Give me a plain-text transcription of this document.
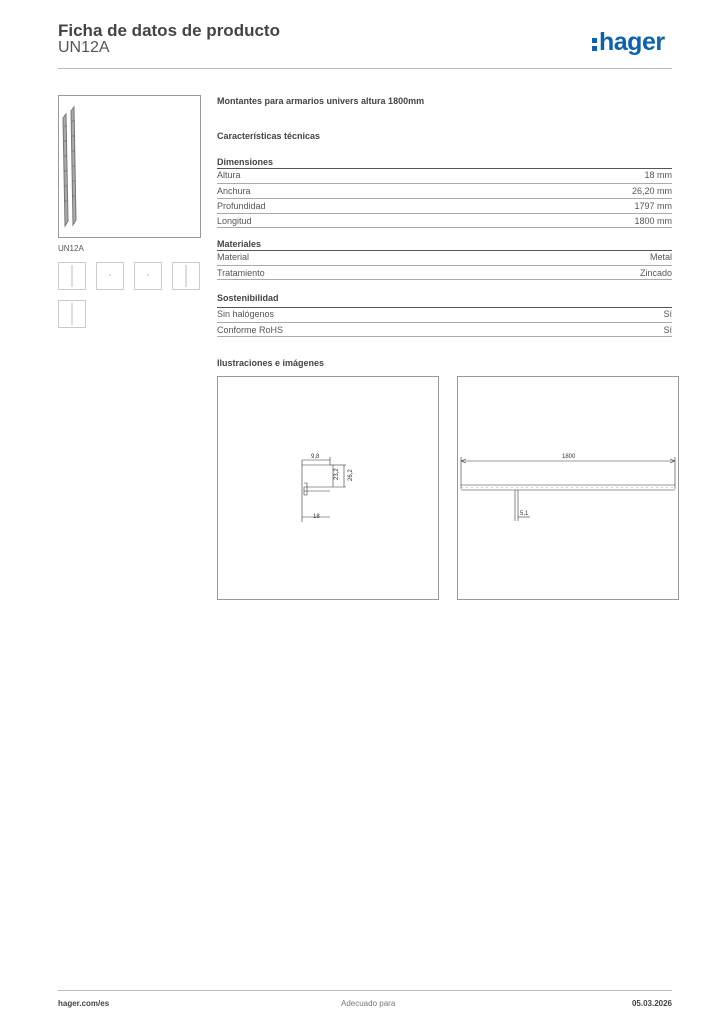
Ficha de datos de producto
UN12A	hager
UN12A
Montantes para armarios univers altura 1800mm
Características técnicas
Dimensiones
Altura	18 mm
Anchura	26,20 mm
Profundidad	1797 mm
Longitud	1800 mm
Materiales
Material	Metal
Tratamiento	Zincado
Sostenibilidad
Sin halógenos	Sí
Conforme RoHS	Sí
Ilustraciones e imágenes
9,8
23,2 26,2
18
1800
5,1
hager.com/es	Adecuado para	05.03.2026
